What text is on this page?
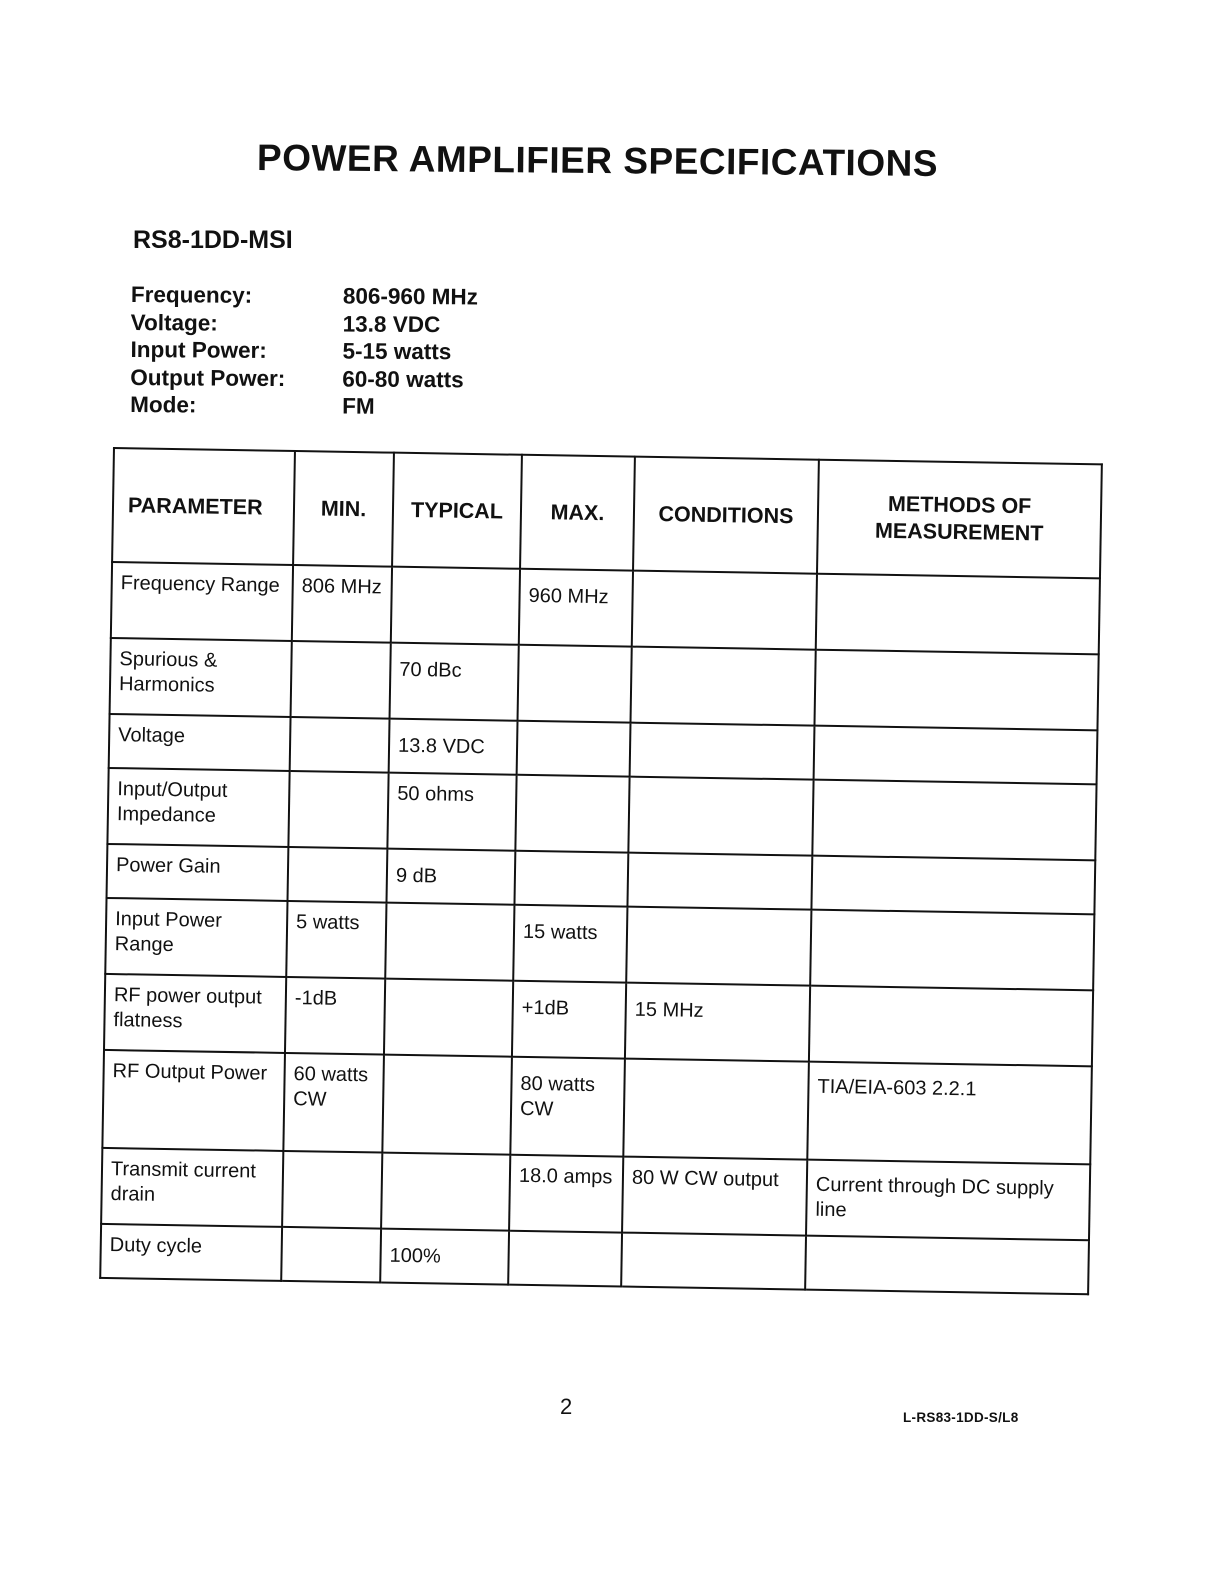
POWER AMPLIFIER SPECIFICATIONS
RS8-1DD-MSI
Frequency:	806-960 MHz
Voltage:	13.8 VDC
Input Power:	5-15 watts
Output Power:	60-80 watts
Mode:	FM
PARAMETER	MIN.	TYPICAL	MAX.	CONDITIONS	METHODS OF MEASUREMENT
Frequency Range	806 MHz		960 MHz		
Spurious & Harmonics		70 dBc			
Voltage		13.8 VDC			
Input/Output Impedance		50 ohms			
Power Gain		9 dB			
Input Power Range	5 watts		15 watts		
RF power output flatness	-1dB		+1dB	15 MHz	
RF Output Power	60 watts CW		80 watts CW		TIA/EIA-603 2.2.1
Transmit current drain			18.0 amps	80 W CW output	Current through DC supply line
Duty cycle		100%			
2	L-RS83-1DD-S/L8
